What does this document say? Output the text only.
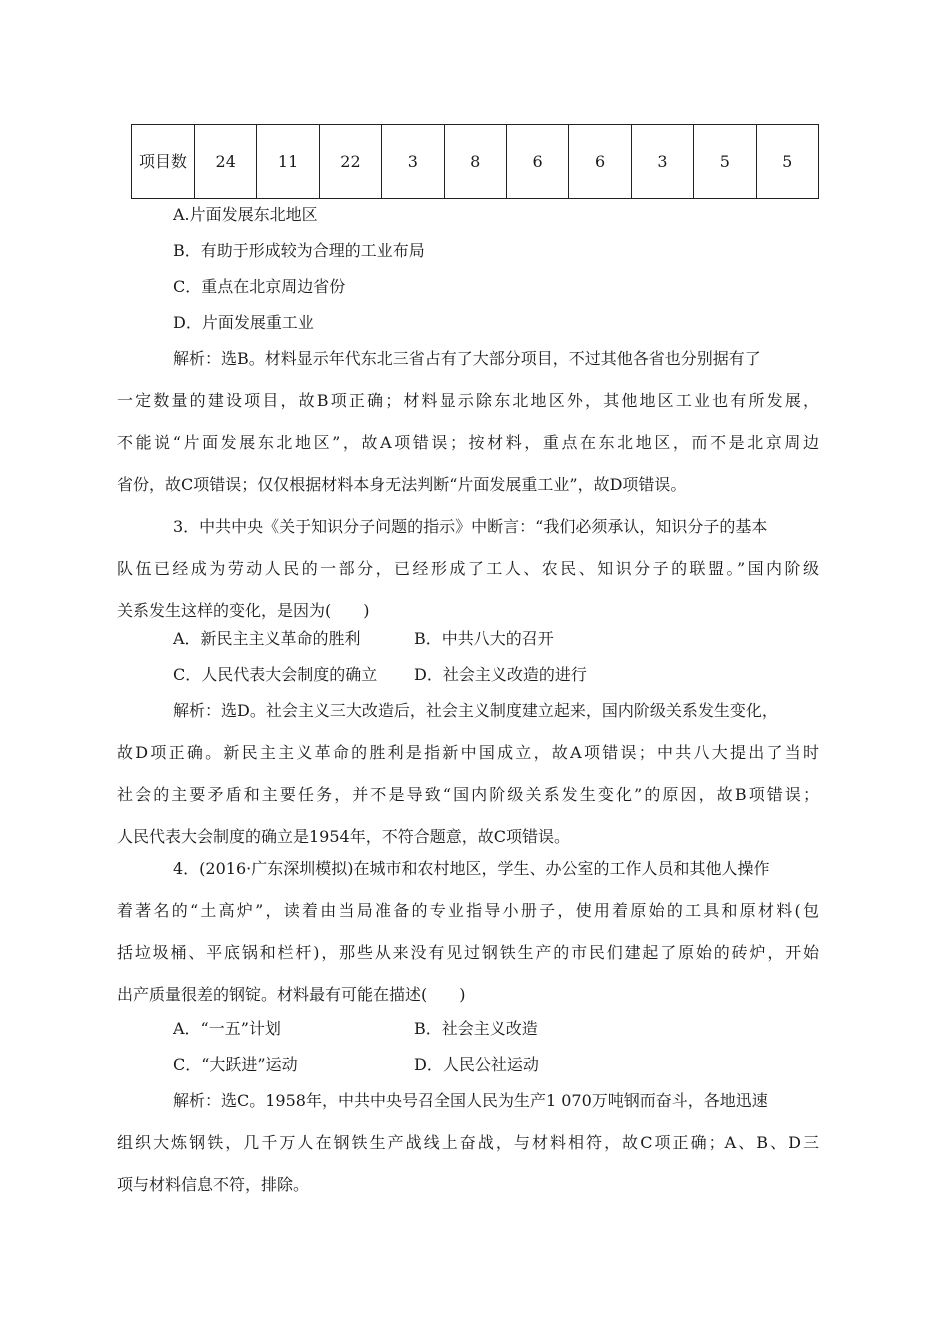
项目数	24	11	22	3	8	6	6	3	5	5
A.片面发展东北地区
B．有助于形成较为合理的工业布局
C．重点在北京周边省份
D．片面发展重工业
解析：选B。材料显示年代东北三省占有了大部分项目，不过其他各省也分别据有了
一定数量的建设项目，故B项正确；材料显示除东北地区外，其他地区工业也有所发展，
不能说“片面发展东北地区”，故A项错误；按材料，重点在东北地区，而不是北京周边
省份，故C项错误；仅仅根据材料本身无法判断“片面发展重工业”，故D项错误。
3．中共中央《关于知识分子问题的指示》中断言：“我们必须承认，知识分子的基本
队伍已经成为劳动人民的一部分，已经形成了工人、农民、知识分子的联盟。”国内阶级
关系发生这样的变化，是因为(　　)
A．新民主主义革命的胜利	B．中共八大的召开
C．人民代表大会制度的确立 D．社会主义改造的进行
解析：选D。社会主义三大改造后，社会主义制度建立起来，国内阶级关系发生变化，
故D项正确。新民主主义革命的胜利是指新中国成立，故A项错误；中共八大提出了当时
社会的主要矛盾和主要任务，并不是导致“国内阶级关系发生变化”的原因，故B项错误；
人民代表大会制度的确立是1954年，不符合题意，故C项错误。
4．(2016·广东深圳模拟)在城市和农村地区，学生、办公室的工作人员和其他人操作
着著名的“土高炉”，读着由当局准备的专业指导小册子，使用着原始的工具和原材料(包
括垃圾桶、平底锅和栏杆)，那些从来没有见过钢铁生产的市民们建起了原始的砖炉，开始
出产质量很差的钢锭。材料最有可能在描述(　　)
A．“一五”计划	B．社会主义改造
C．“大跃进”运动	D．人民公社运动
解析：选C。1958年，中共中央号召全国人民为生产1 070万吨钢而奋斗，各地迅速
组织大炼钢铁，几千万人在钢铁生产战线上奋战，与材料相符，故C项正确；A、B、D三
项与材料信息不符，排除。
